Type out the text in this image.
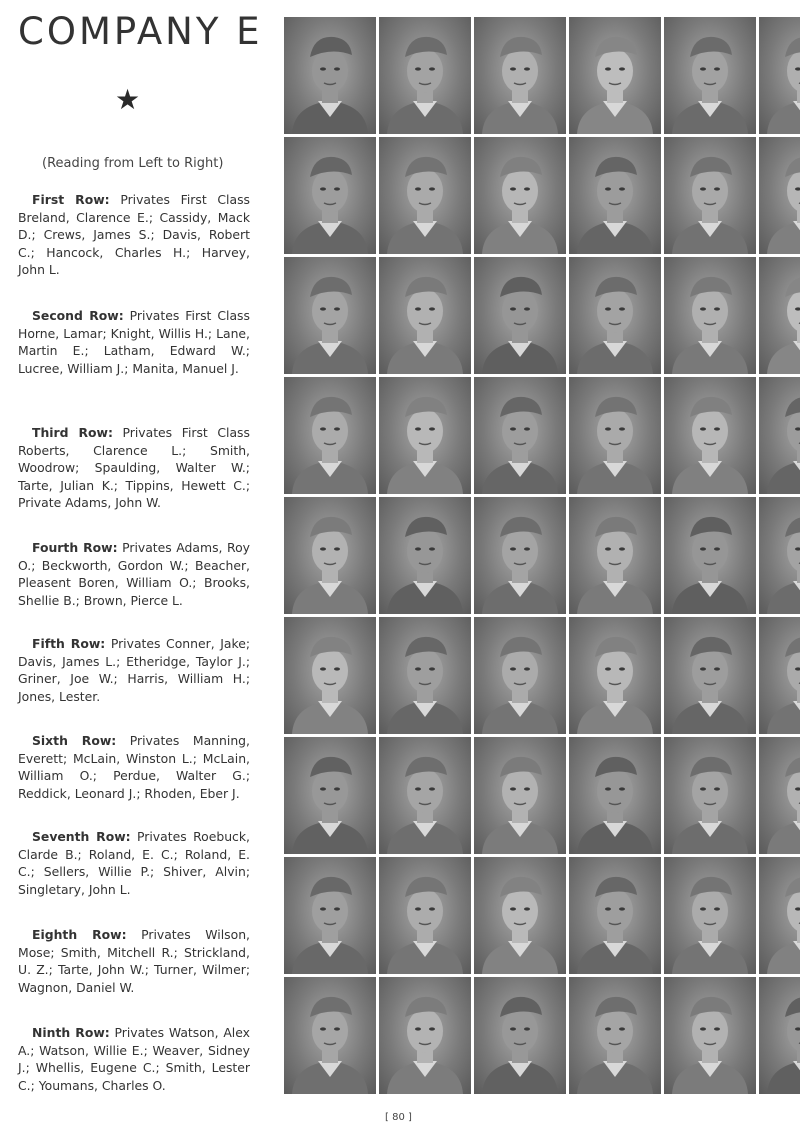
COMPANY E
★
(Reading from Left to Right)

First Row: Privates First Class Breland, Clarence E.; Cassidy, Mack D.; Crews, James S.; Davis, Robert C.; Hancock, Charles H.; Harvey, John L.

Second Row: Privates First Class Horne, Lamar; Knight, Willis H.; Lane, Martin E.; Latham, Edward W.; Lucree, William J.; Manita, Manuel J.

Third Row: Privates First Class Roberts, Clarence L.; Smith, Woodrow; Spaulding, Walter W.; Tarte, Julian K.; Tippins, Hewett C.; Private Adams, John W.

Fourth Row: Privates Adams, Roy O.; Beckworth, Gordon W.; Beacher, Pleasent Boren, William O.; Brooks, Shellie B.; Brown, Pierce L.

Fifth Row: Privates Conner, Jake; Davis, James L.; Etheridge, Taylor J.; Griner, Joe W.; Harris, William H.; Jones, Lester.

Sixth Row: Privates Manning, Everett; McLain, Winston L.; McLain, William O.; Perdue, Walter G.; Reddick, Leonard J.; Rhoden, Eber J.

Seventh Row: Privates Roebuck, Clarde B.; Roland, E. C.; Roland, E. C.; Sellers, Willie P.; Shiver, Alvin; Singletary, John L.

Eighth Row: Privates Wilson, Mose; Smith, Mitchell R.; Strickland, U. Z.; Tarte, John W.; Turner, Wilmer; Wagnon, Daniel W.

Ninth Row: Privates Watson, Alex A.; Watson, Willie E.; Weaver, Sidney J.; Whellis, Eugene C.; Smith, Lester C.; Youmans, Charles O.

[ 80 ]
